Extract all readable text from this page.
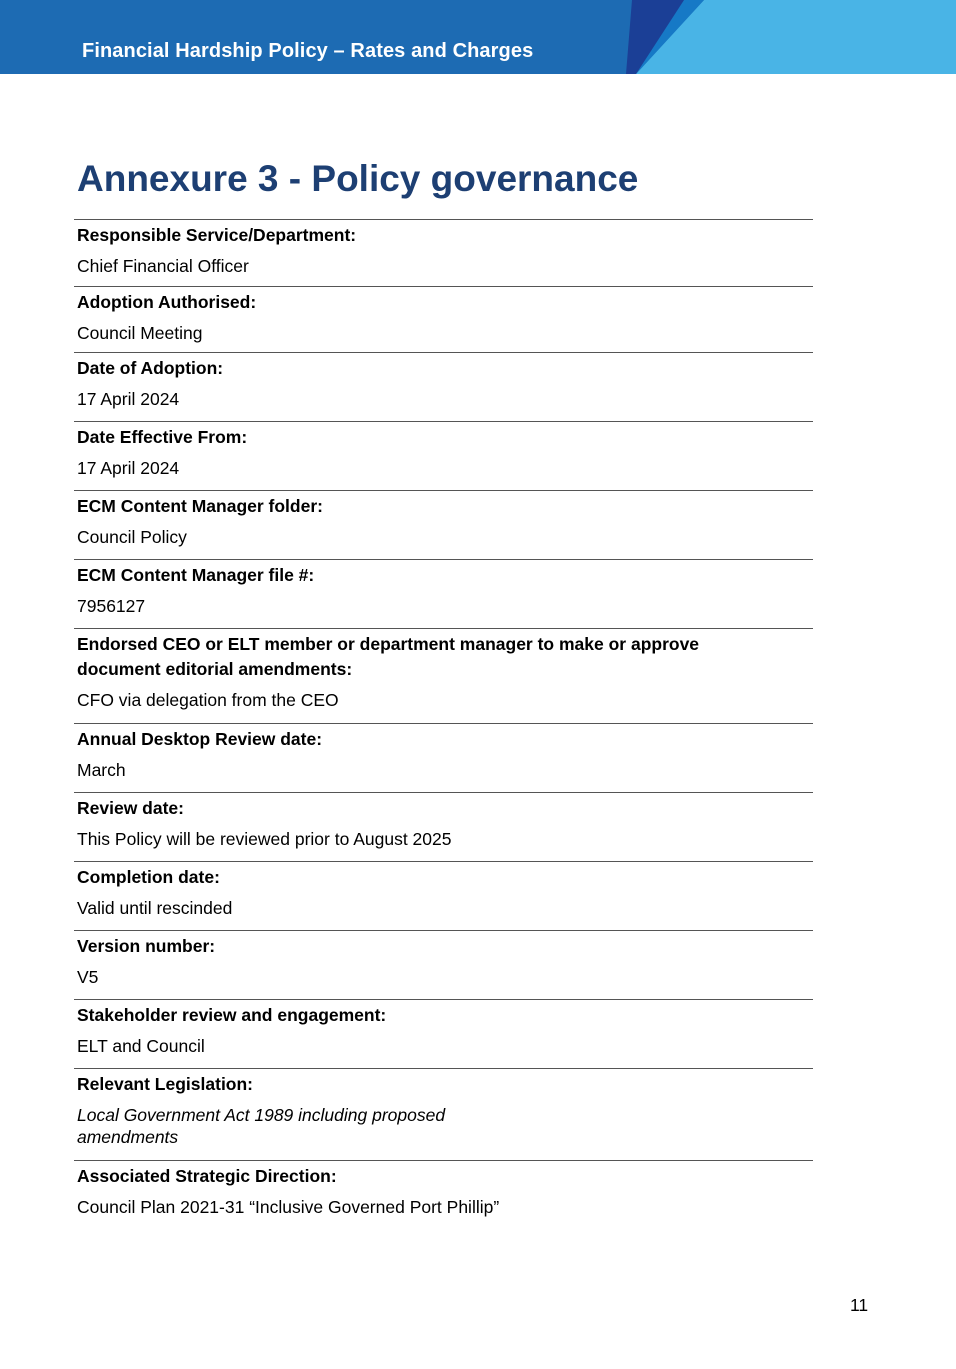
Financial Hardship Policy – Rates and Charges
Annexure 3 - Policy governance
Responsible Service/Department:
Chief Financial Officer
Adoption Authorised:
Council Meeting
Date of Adoption:
17 April 2024
Date Effective From:
17 April 2024
ECM Content Manager folder:
Council Policy
ECM Content Manager file #:
7956127
Endorsed CEO or ELT member or department manager to make or approve document editorial amendments:
CFO via delegation from the CEO
Annual Desktop Review date:
March
Review date:
This Policy will be reviewed prior to August 2025
Completion date:
Valid until rescinded
Version number:
V5
Stakeholder review and engagement:
ELT and Council
Relevant Legislation:
Local Government Act 1989 including proposed amendments
Associated Strategic Direction:
Council Plan 2021-31 “Inclusive Governed Port Phillip”
11
